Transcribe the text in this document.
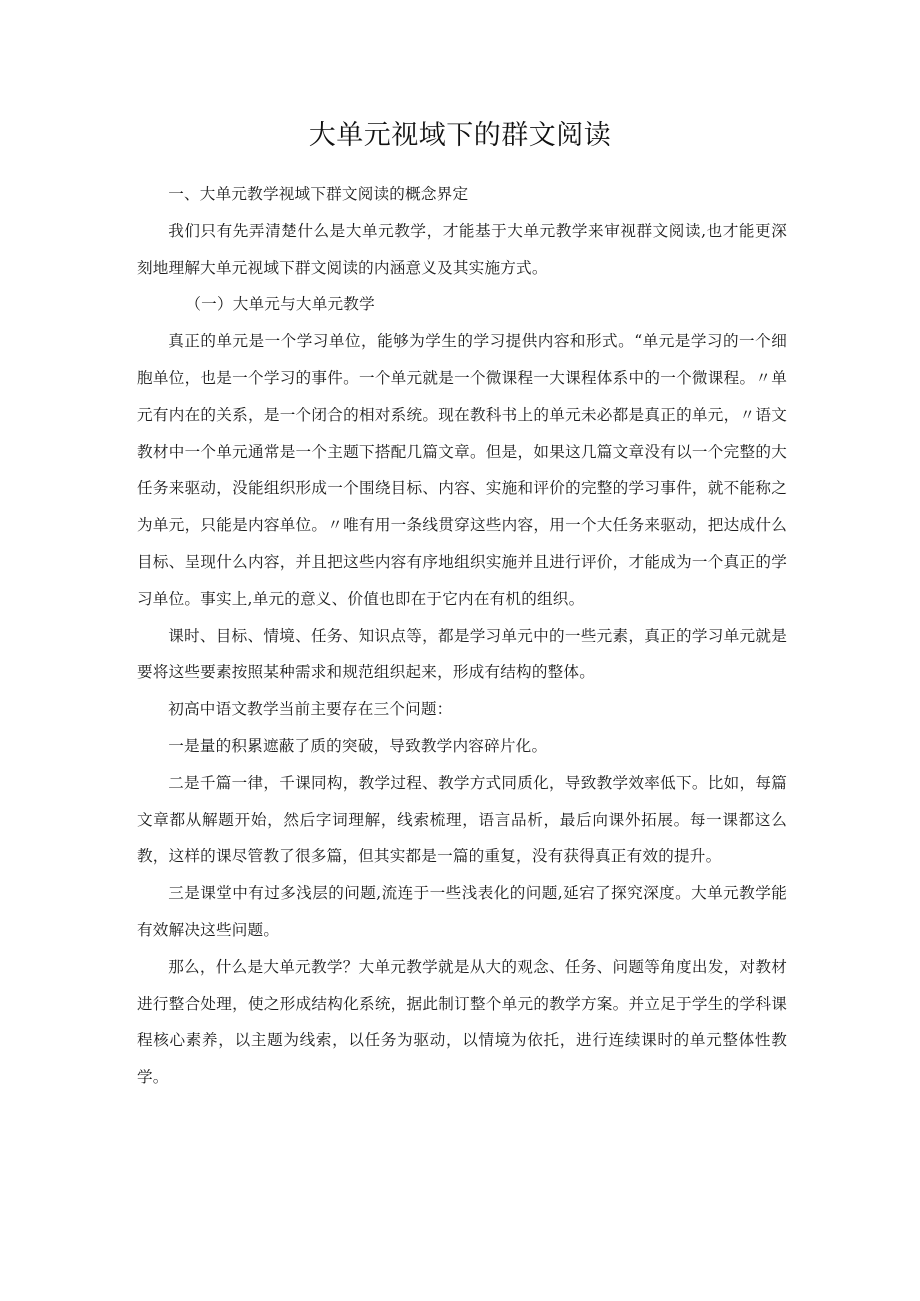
大单元视域下的群文阅读

一、大单元教学视域下群文阅读的概念界定

我们只有先弄清楚什么是大单元教学，才能基于大单元教学来审视群文阅读,也才能更深刻地理解大单元视域下群文阅读的内涵意义及其实施方式。

（一）大单元与大单元教学

真正的单元是一个学习单位，能够为学生的学习提供内容和形式。“单元是学习的一个细胞单位，也是一个学习的事件。一个单元就是一个微课程一大课程体系中的一个微课程。〃单元有内在的关系，是一个闭合的相对系统。现在教科书上的单元未必都是真正的单元，〃语文教材中一个单元通常是一个主题下搭配几篇文章。但是，如果这几篇文章没有以一个完整的大任务来驱动，没能组织形成一个围绕目标、内容、实施和评价的完整的学习事件，就不能称之为单元，只能是内容单位。〃唯有用一条线贯穿这些内容，用一个大任务来驱动，把达成什么目标、呈现什么内容，并且把这些内容有序地组织实施并且进行评价，才能成为一个真正的学习单位。事实上,单元的意义、价值也即在于它内在有机的组织。

课时、目标、情境、任务、知识点等，都是学习单元中的一些元素，真正的学习单元就是要将这些要素按照某种需求和规范组织起来，形成有结构的整体。

初高中语文教学当前主要存在三个问题：

一是量的积累遮蔽了质的突破，导致教学内容碎片化。

二是千篇一律，千课同构，教学过程、教学方式同质化，导致教学效率低下。比如，每篇文章都从解题开始，然后字词理解，线索梳理，语言品析，最后向课外拓展。每一课都这么教，这样的课尽管教了很多篇，但其实都是一篇的重复，没有获得真正有效的提升。

三是课堂中有过多浅层的问题,流连于一些浅表化的问题,延宕了探究深度。大单元教学能有效解决这些问题。

那么，什么是大单元教学？大单元教学就是从大的观念、任务、问题等角度出发，对教材进行整合处理，使之形成结构化系统，据此制订整个单元的教学方案。并立足于学生的学科课程核心素养，以主题为线索，以任务为驱动，以情境为依托，进行连续课时的单元整体性教学。
